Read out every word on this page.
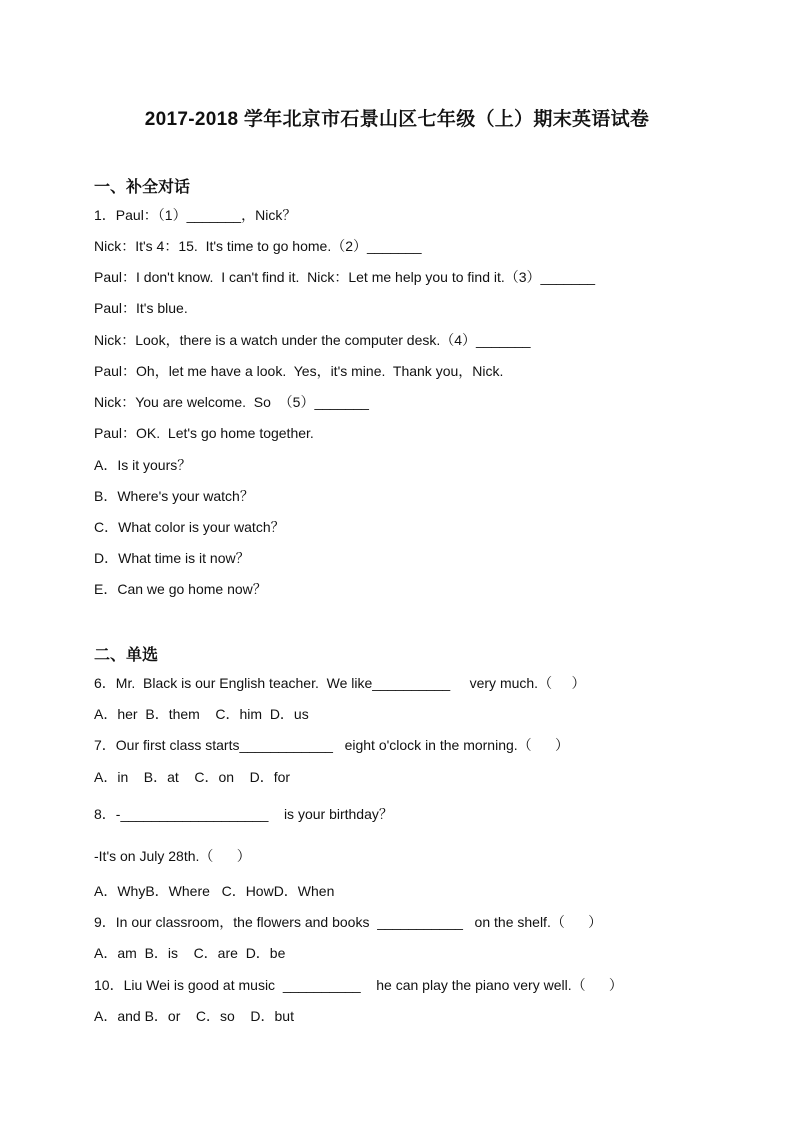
2017-2018 学年北京市石景山区七年级（上）期末英语试卷
一、补全对话
1．Paul：（1）_______，Nick？
Nick：It's 4：15.  It's time to go home.（2）_______
Paul：I don't know.  I can't find it.  Nick：Let me help you to find it.（3）_______
Paul：It's blue.
Nick：Look，there is a watch under the computer desk.（4）_______
Paul：Oh，let me have a look.  Yes，it's mine.  Thank you，Nick.
Nick：You are welcome.  So  （5）_______
Paul：OK.  Let's go home together.
A．Is it yours？
B．Where's your watch？
C．What color is your watch？
D．What time is it now？
E．Can we go home now？
二、单选
6．Mr.  Black is our English teacher.  We like__________     very much.（     ）
A．her  B．them    C．him  D．us
7．Our first class starts____________   eight o'clock in the morning.（      ）
A．in    B．at    C．on    D．for
8．-___________________    is your birthday？
-It's on July 28th.（      ）
A．WhyB．Where   C．HowD．When
9．In our classroom，the flowers and books  ___________   on the shelf.（      ）
A．am  B．is    C．are  D．be
10．Liu Wei is good at music  __________    he can play the piano very well.（      ）
A．and B．or    C．so    D．but
